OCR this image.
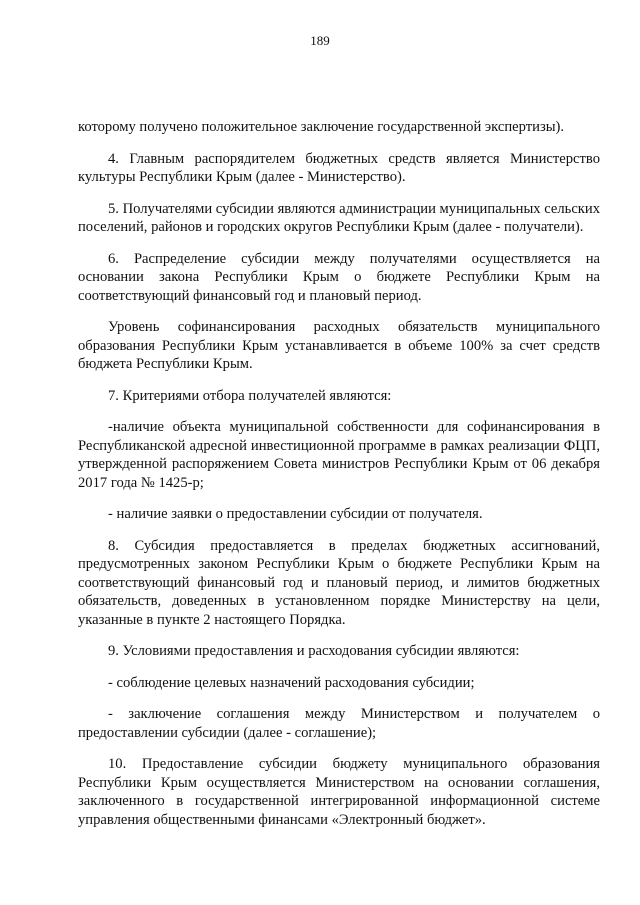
189

которому получено положительное заключение государственной экспертизы).

4. Главным распорядителем бюджетных средств является Министерство культуры Республики Крым (далее - Министерство).

5. Получателями субсидии являются администрации муниципальных сельских поселений, районов и городских округов Республики Крым (далее - получатели).

6. Распределение субсидии между получателями осуществляется на основании закона Республики Крым о бюджете Республики Крым на соответствующий финансовый год и плановый период.

Уровень софинансирования расходных обязательств муниципального образования Республики Крым устанавливается в объеме 100% за счет средств бюджета Республики Крым.

7. Критериями отбора получателей являются:

-наличие объекта муниципальной собственности для софинансирования в Республиканской адресной инвестиционной программе в рамках реализации ФЦП, утвержденной распоряжением Совета министров Республики Крым от 06 декабря 2017 года № 1425-р;

- наличие заявки о предоставлении субсидии от получателя.

8. Субсидия предоставляется в пределах бюджетных ассигнований, предусмотренных законом Республики Крым о бюджете Республики Крым на соответствующий финансовый год и плановый период, и лимитов бюджетных обязательств, доведенных в установленном порядке Министерству на цели, указанные в пункте 2 настоящего Порядка.

9. Условиями предоставления и расходования субсидии являются:

- соблюдение целевых назначений расходования субсидии;

- заключение соглашения между Министерством и получателем о предоставлении субсидии (далее - соглашение);

10. Предоставление субсидии бюджету муниципального образования Республики Крым осуществляется Министерством на основании соглашения, заключенного в государственной интегрированной информационной системе управления общественными финансами «Электронный бюджет».
